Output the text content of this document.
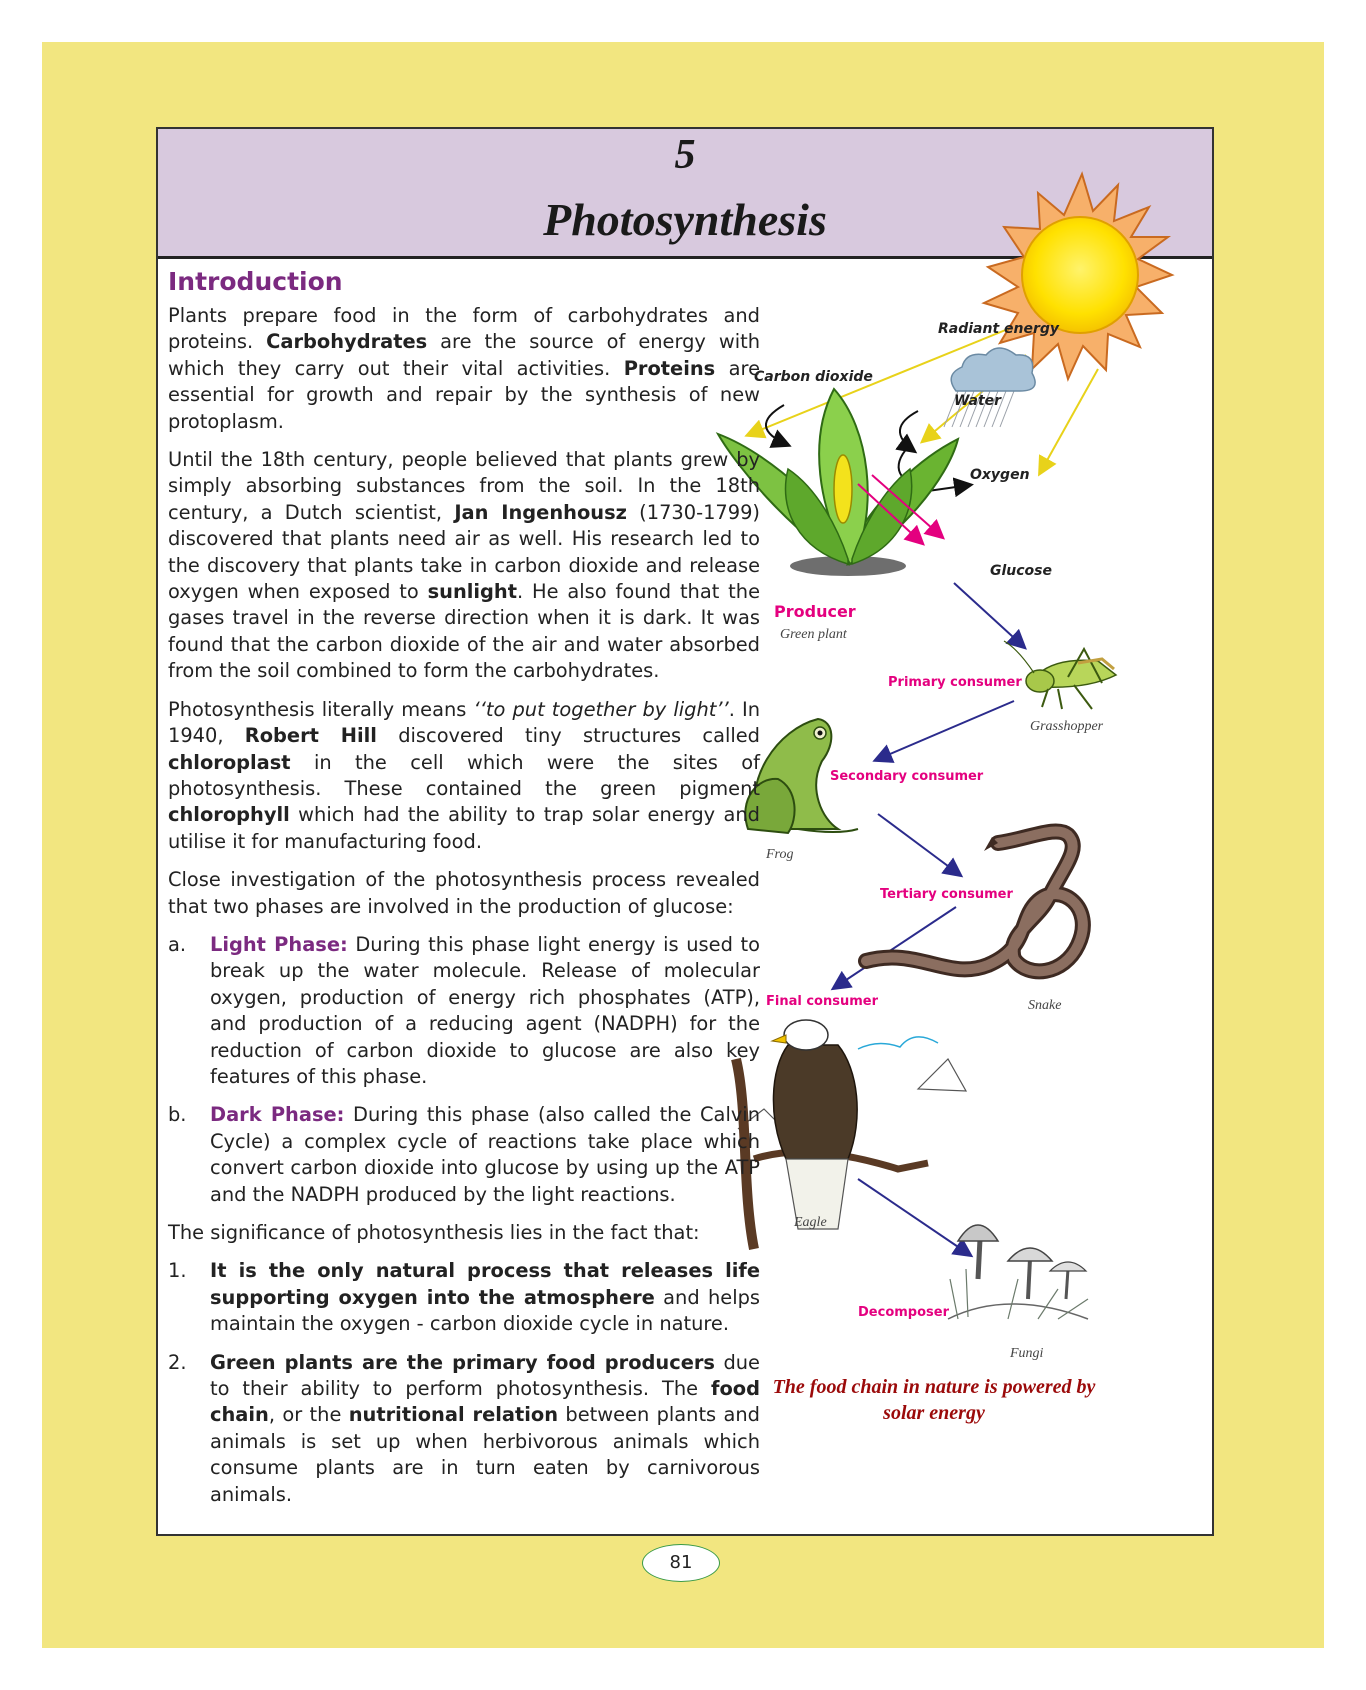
5
Photosynthesis
Radiant energy
Carbon dioxide
Water
Oxygen
Glucose
Producer
Green plant
Primary consumer
Grasshopper
Secondary consumer
Frog
Tertiary consumer
Snake
Final consumer
Eagle
Decomposer
Fungi
The food chain in nature is powered by
solar energy
Introduction

Plants prepare food in the form of carbohydrates and proteins. Carbohydrates are the source of energy with which they carry out their vital activities. Proteins are essential for growth and repair by the synthesis of new protoplasm.

Until the 18th century, people believed that plants grew by simply absorbing substances from the soil. In the 18th century, a Dutch scientist, Jan Ingenhousz (1730-1799) discovered that plants need air as well. His research led to the discovery that plants take in carbon dioxide and release oxygen when exposed to sunlight. He also found that the gases travel in the reverse direction when it is dark. It was found that the carbon dioxide of the air and water absorbed from the soil combined to form the carbohydrates.

Photosynthesis literally means ‘‘to put together by light’’. In 1940, Robert Hill discovered tiny structures called chloroplast in the cell which were the sites of photosynthesis. These contained the green pigment chlorophyll which had the ability to trap solar energy and utilise it for manufacturing food.

Close investigation of the photosynthesis process revealed that two phases are involved in the production of glucose:

a. Light Phase: During this phase light energy is used to break up the water molecule. Release of molecular oxygen, production of energy rich phosphates (ATP), and production of a reducing agent (NADPH) for the reduction of carbon dioxide to glucose are also key features of this phase.
b. Dark Phase: During this phase (also called the Calvin Cycle) a complex cycle of reactions take place which convert carbon dioxide into glucose by using up the ATP and the NADPH produced by the light reactions.

The significance of photosynthesis lies in the fact that:

1. It is the only natural process that releases life supporting oxygen into the atmosphere and helps maintain the oxygen - carbon dioxide cycle in nature.
2. Green plants are the primary food producers due to their ability to perform photosynthesis. The food chain, or the nutritional relation between plants and animals is set up when herbivorous animals which consume plants are in turn eaten by carnivorous animals.
81
